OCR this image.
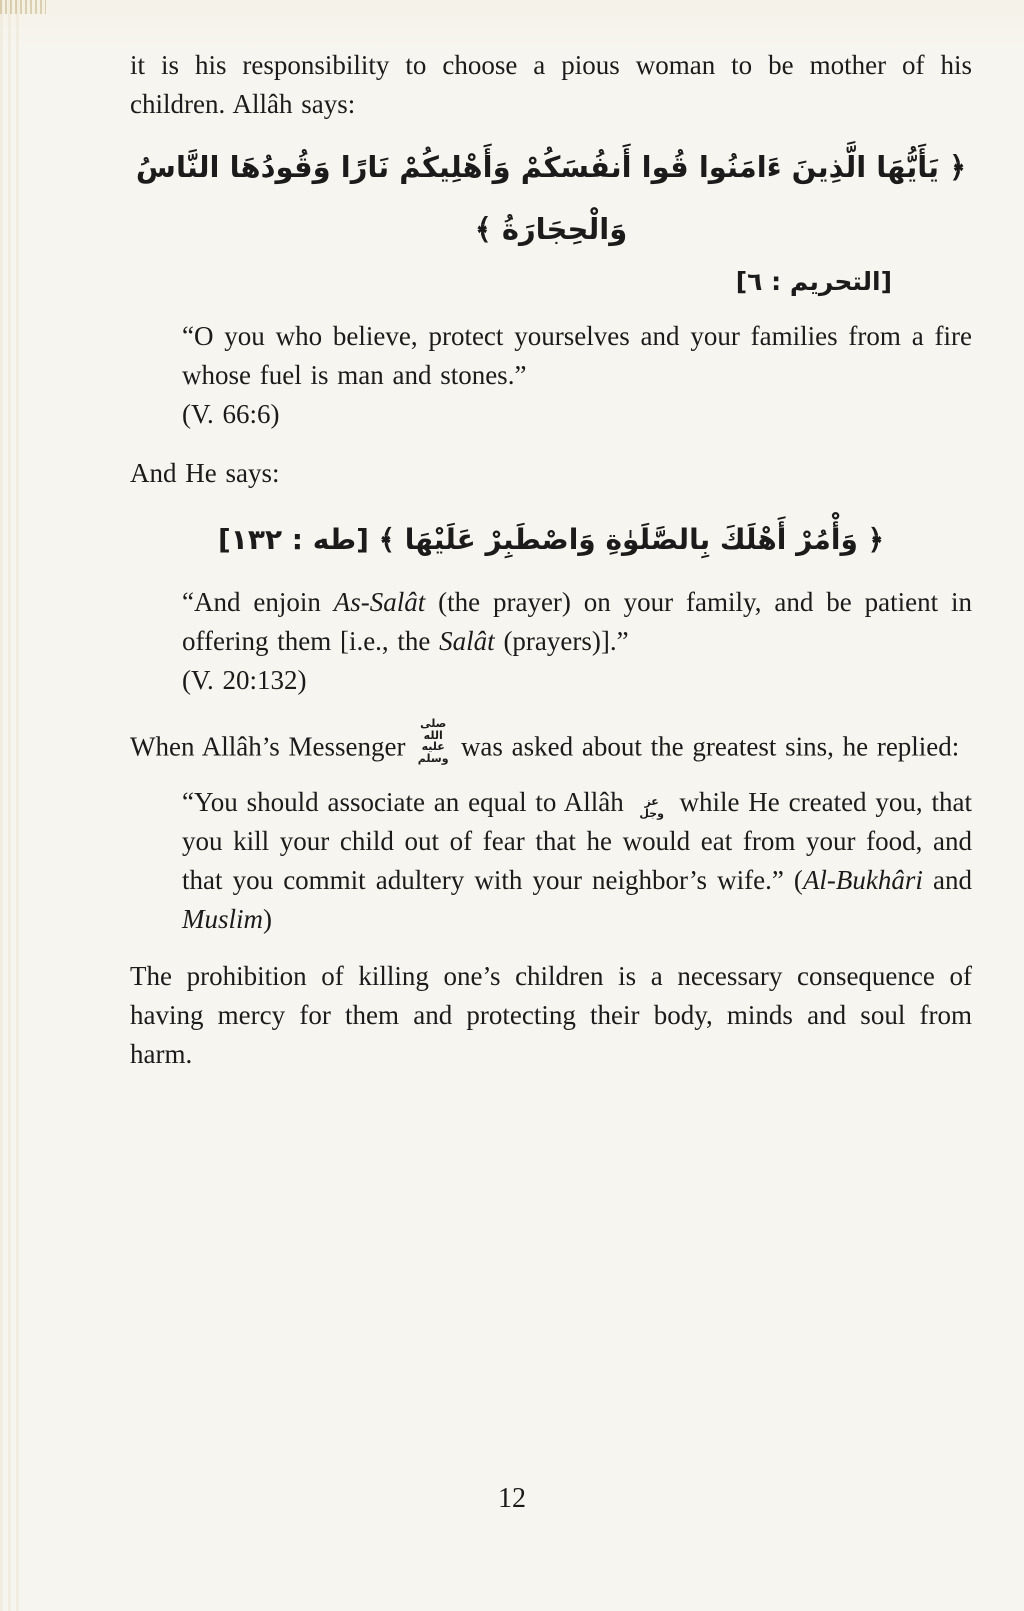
it is his responsibility to choose a pious woman to be mother of his children. Allâh says:

﴿ يَأَيُّهَا الَّذِينَ ءَامَنُوا قُوا أَنفُسَكُمْ وَأَهْلِيكُمْ نَارًا وَقُودُهَا النَّاسُ وَالْحِجَارَةُ ﴾
[التحريم : ٦]

“O you who believe, protect yourselves and your families from a fire whose fuel is man and stones.”

(V. 66:6)

And He says:

﴿ وَأْمُرْ أَهْلَكَ بِالصَّلَوٰةِ وَاصْطَبِرْ عَلَيْهَا ﴾ [طه : ١٣٢]

“And enjoin As-Salât (the prayer) on your family, and be patient in offering them [i.e., the Salât (prayers)].”

(V. 20:132)

When Allâh’s Messenger صلى الله عليه وسلم was asked about the greatest sins, he replied:

“You should associate an equal to Allâh عز وجل while He created you, that you kill your child out of fear that he would eat from your food, and that you commit adultery with your neighbor’s wife.” (Al-Bukhâri and Muslim)

The prohibition of killing one’s children is a necessary consequence of having mercy for them and protecting their body, minds and soul from harm.

12
